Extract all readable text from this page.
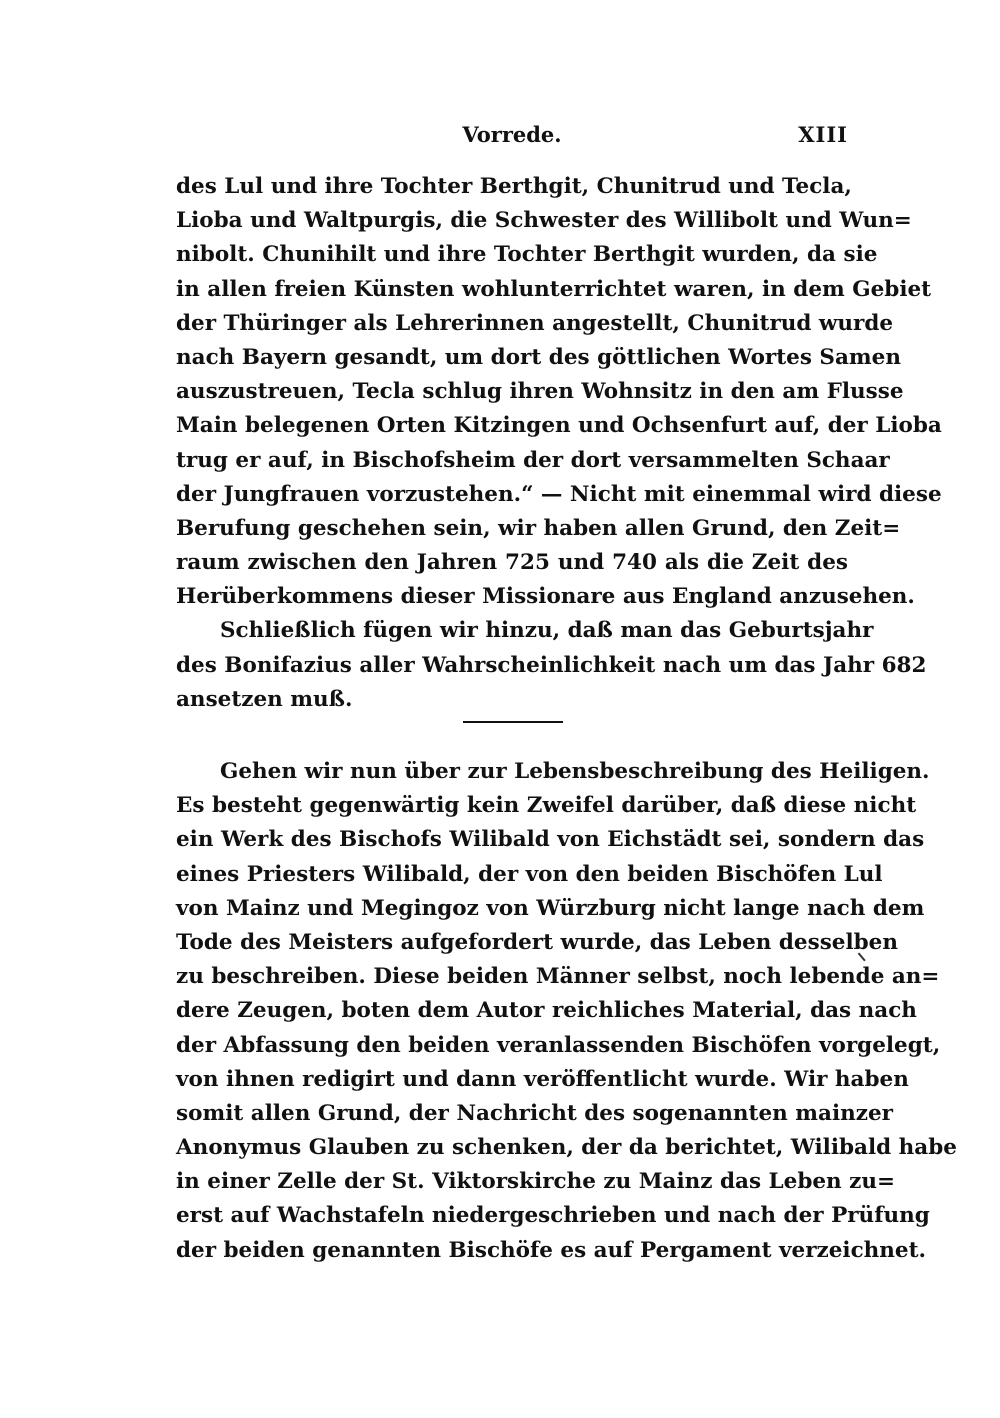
Vorrede.	XIII
des Lul und ihre Tochter Berthgit, Chunitrud und Tecla,
Lioba und Waltpurgis, die Schwester des Willibolt und Wun=
nibolt. Chunihilt und ihre Tochter Berthgit wurden, da sie
in allen freien Künsten wohlunterrichtet waren, in dem Gebiet
der Thüringer als Lehrerinnen angestellt, Chunitrud wurde
nach Bayern gesandt, um dort des göttlichen Wortes Samen
auszustreuen, Tecla schlug ihren Wohnsitz in den am Flusse
Main belegenen Orten Kitzingen und Ochsenfurt auf, der Lioba
trug er auf, in Bischofsheim der dort versammelten Schaar
der Jungfrauen vorzustehen.“ — Nicht mit einemmal wird diese
Berufung geschehen sein, wir haben allen Grund, den Zeit=
raum zwischen den Jahren 725 und 740 als die Zeit des
Herüberkommens dieser Missionare aus England anzusehen.
Schließlich fügen wir hinzu, daß man das Geburtsjahr
des Bonifazius aller Wahrscheinlichkeit nach um das Jahr 682
ansetzen muß.
Gehen wir nun über zur Lebensbeschreibung des Heiligen.
Es besteht gegenwärtig kein Zweifel darüber, daß diese nicht
ein Werk des Bischofs Wilibald von Eichstädt sei, sondern das
eines Priesters Wilibald, der von den beiden Bischöfen Lul
von Mainz und Megingoz von Würzburg nicht lange nach dem
Tode des Meisters aufgefordert wurde, das Leben desselben
zu beschreiben. Diese beiden Männer selbst, noch lebende an=
dere Zeugen, boten dem Autor reichliches Material, das nach
der Abfassung den beiden veranlassenden Bischöfen vorgelegt,
von ihnen redigirt und dann veröffentlicht wurde. Wir haben
somit allen Grund, der Nachricht des sogenannten mainzer
Anonymus Glauben zu schenken, der da berichtet, Wilibald habe
in einer Zelle der St. Viktorskirche zu Mainz das Leben zu=
erst auf Wachstafeln niedergeschrieben und nach der Prüfung
der beiden genannten Bischöfe es auf Pergament verzeichnet.
